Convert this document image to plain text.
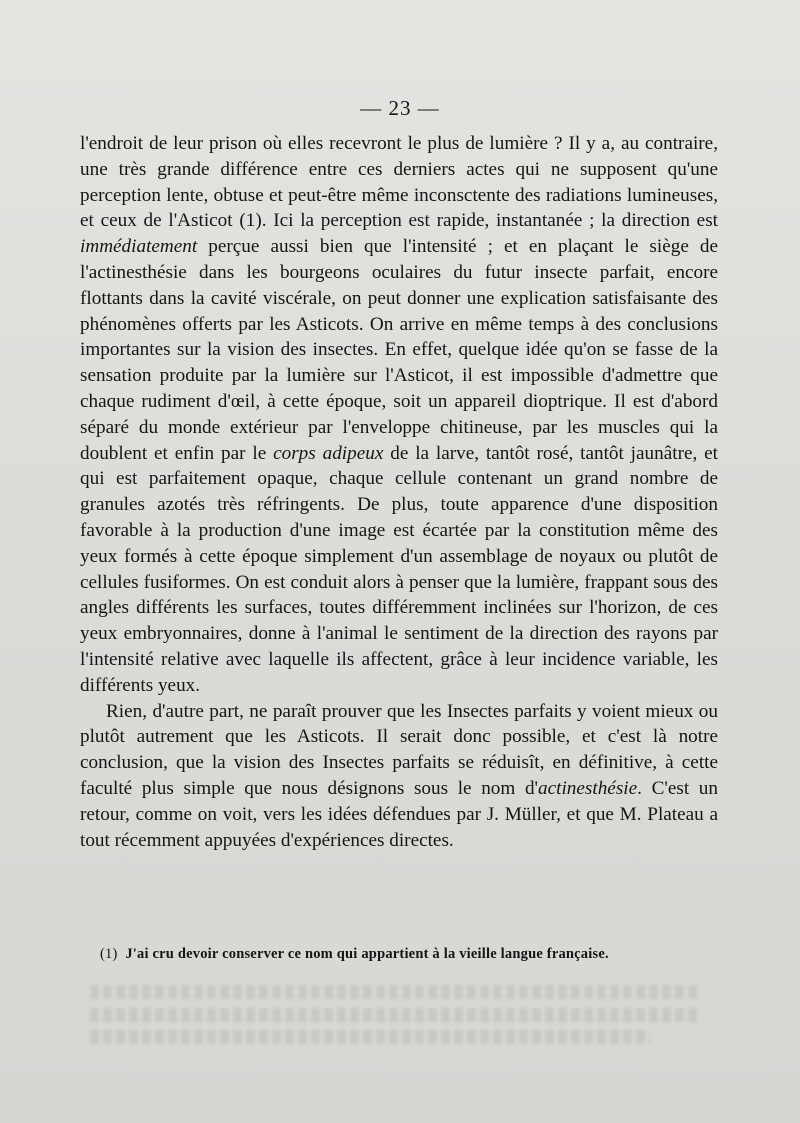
— 23 —

l'endroit de leur prison où elles recevront le plus de lumière ? Il y a, au contraire, une très grande différence entre ces derniers actes qui ne supposent qu'une perception lente, obtuse et peut-être même inconsctente des radiations lumineuses, et ceux de l'Asticot (1). Ici la perception est rapide, instantanée ; la direction est immédiatement perçue aussi bien que l'intensité ; et en plaçant le siège de l'actinesthésie dans les bourgeons oculaires du futur insecte parfait, encore flottants dans la cavité viscérale, on peut donner une explication satisfaisante des phénomènes offerts par les Asticots. On arrive en même temps à des conclusions importantes sur la vision des insectes. En effet, quelque idée qu'on se fasse de la sensation produite par la lumière sur l'Asticot, il est impossible d'admettre que chaque rudiment d'œil, à cette époque, soit un appareil dioptrique. Il est d'abord séparé du monde extérieur par l'enveloppe chitineuse, par les muscles qui la doublent et enfin par le corps adipeux de la larve, tantôt rosé, tantôt jaunâtre, et qui est parfaitement opaque, chaque cellule contenant un grand nombre de granules azotés très réfringents. De plus, toute apparence d'une disposition favorable à la production d'une image est écartée par la constitution même des yeux formés à cette époque simplement d'un assemblage de noyaux ou plutôt de cellules fusiformes. On est conduit alors à penser que la lumière, frappant sous des angles différents les surfaces, toutes différemment inclinées sur l'horizon, de ces yeux embryonnaires, donne à l'animal le sentiment de la direction des rayons par l'intensité relative avec laquelle ils affectent, grâce à leur incidence variable, les différents yeux.

Rien, d'autre part, ne paraît prouver que les Insectes parfaits y voient mieux ou plutôt autrement que les Asticots. Il serait donc possible, et c'est là notre conclusion, que la vision des Insectes parfaits se réduisît, en définitive, à cette faculté plus simple que nous désignons sous le nom d'actinesthésie. C'est un retour, comme on voit, vers les idées défendues par J. Müller, et que M. Plateau a tout récemment appuyées d'expériences directes.

(1) J'ai cru devoir conserver ce nom qui appartient à la vieille langue française.
